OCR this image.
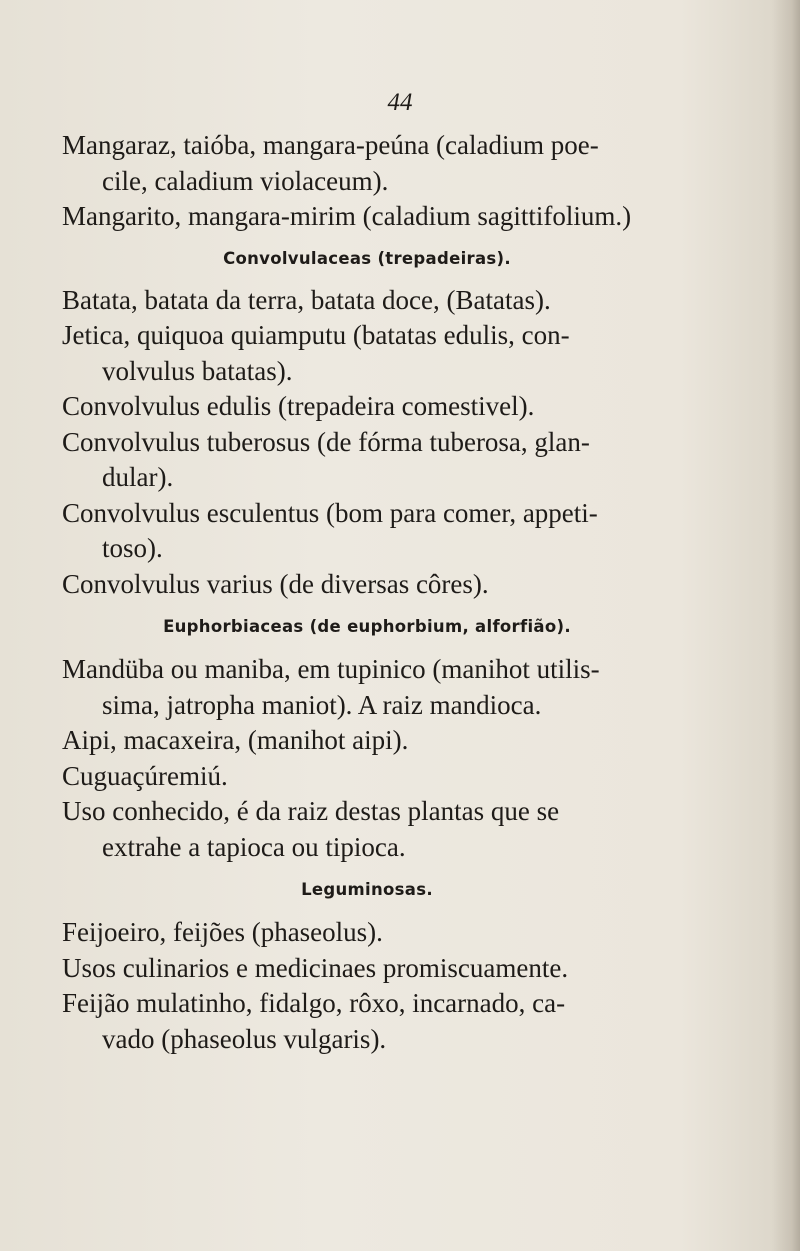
44

Mangaraz, taióba, mangara-peúna (caladium poe-
cile, caladium violaceum).

Mangarito, mangara-mirim (caladium sagittifolium.)

Convolvulaceas (trepadeiras).

Batata, batata da terra, batata doce, (Batatas).

Jetica, quiquoa quiamputu (batatas edulis, con-
volvulus batatas).

Convolvulus edulis (trepadeira comestivel).

Convolvulus tuberosus (de fórma tuberosa, glan-
dular).

Convolvulus esculentus (bom para comer, appeti-
toso).

Convolvulus varius (de diversas côres).

Euphorbiaceas (de euphorbium, alforfião).

Mandüba ou maniba, em tupinico (manihot utilis-
sima, jatropha maniot). A raiz mandioca.

Aipi, macaxeira, (manihot aipi).

Cuguaçúremiú.

Uso conhecido, é da raiz destas plantas que se
extrahe a tapioca ou tipioca.

Leguminosas.

Feijoeiro, feijões (phaseolus).

Usos culinarios e medicinaes promiscuamente.

Feijão mulatinho, fidalgo, rôxo, incarnado, ca-
vado (phaseolus vulgaris).
